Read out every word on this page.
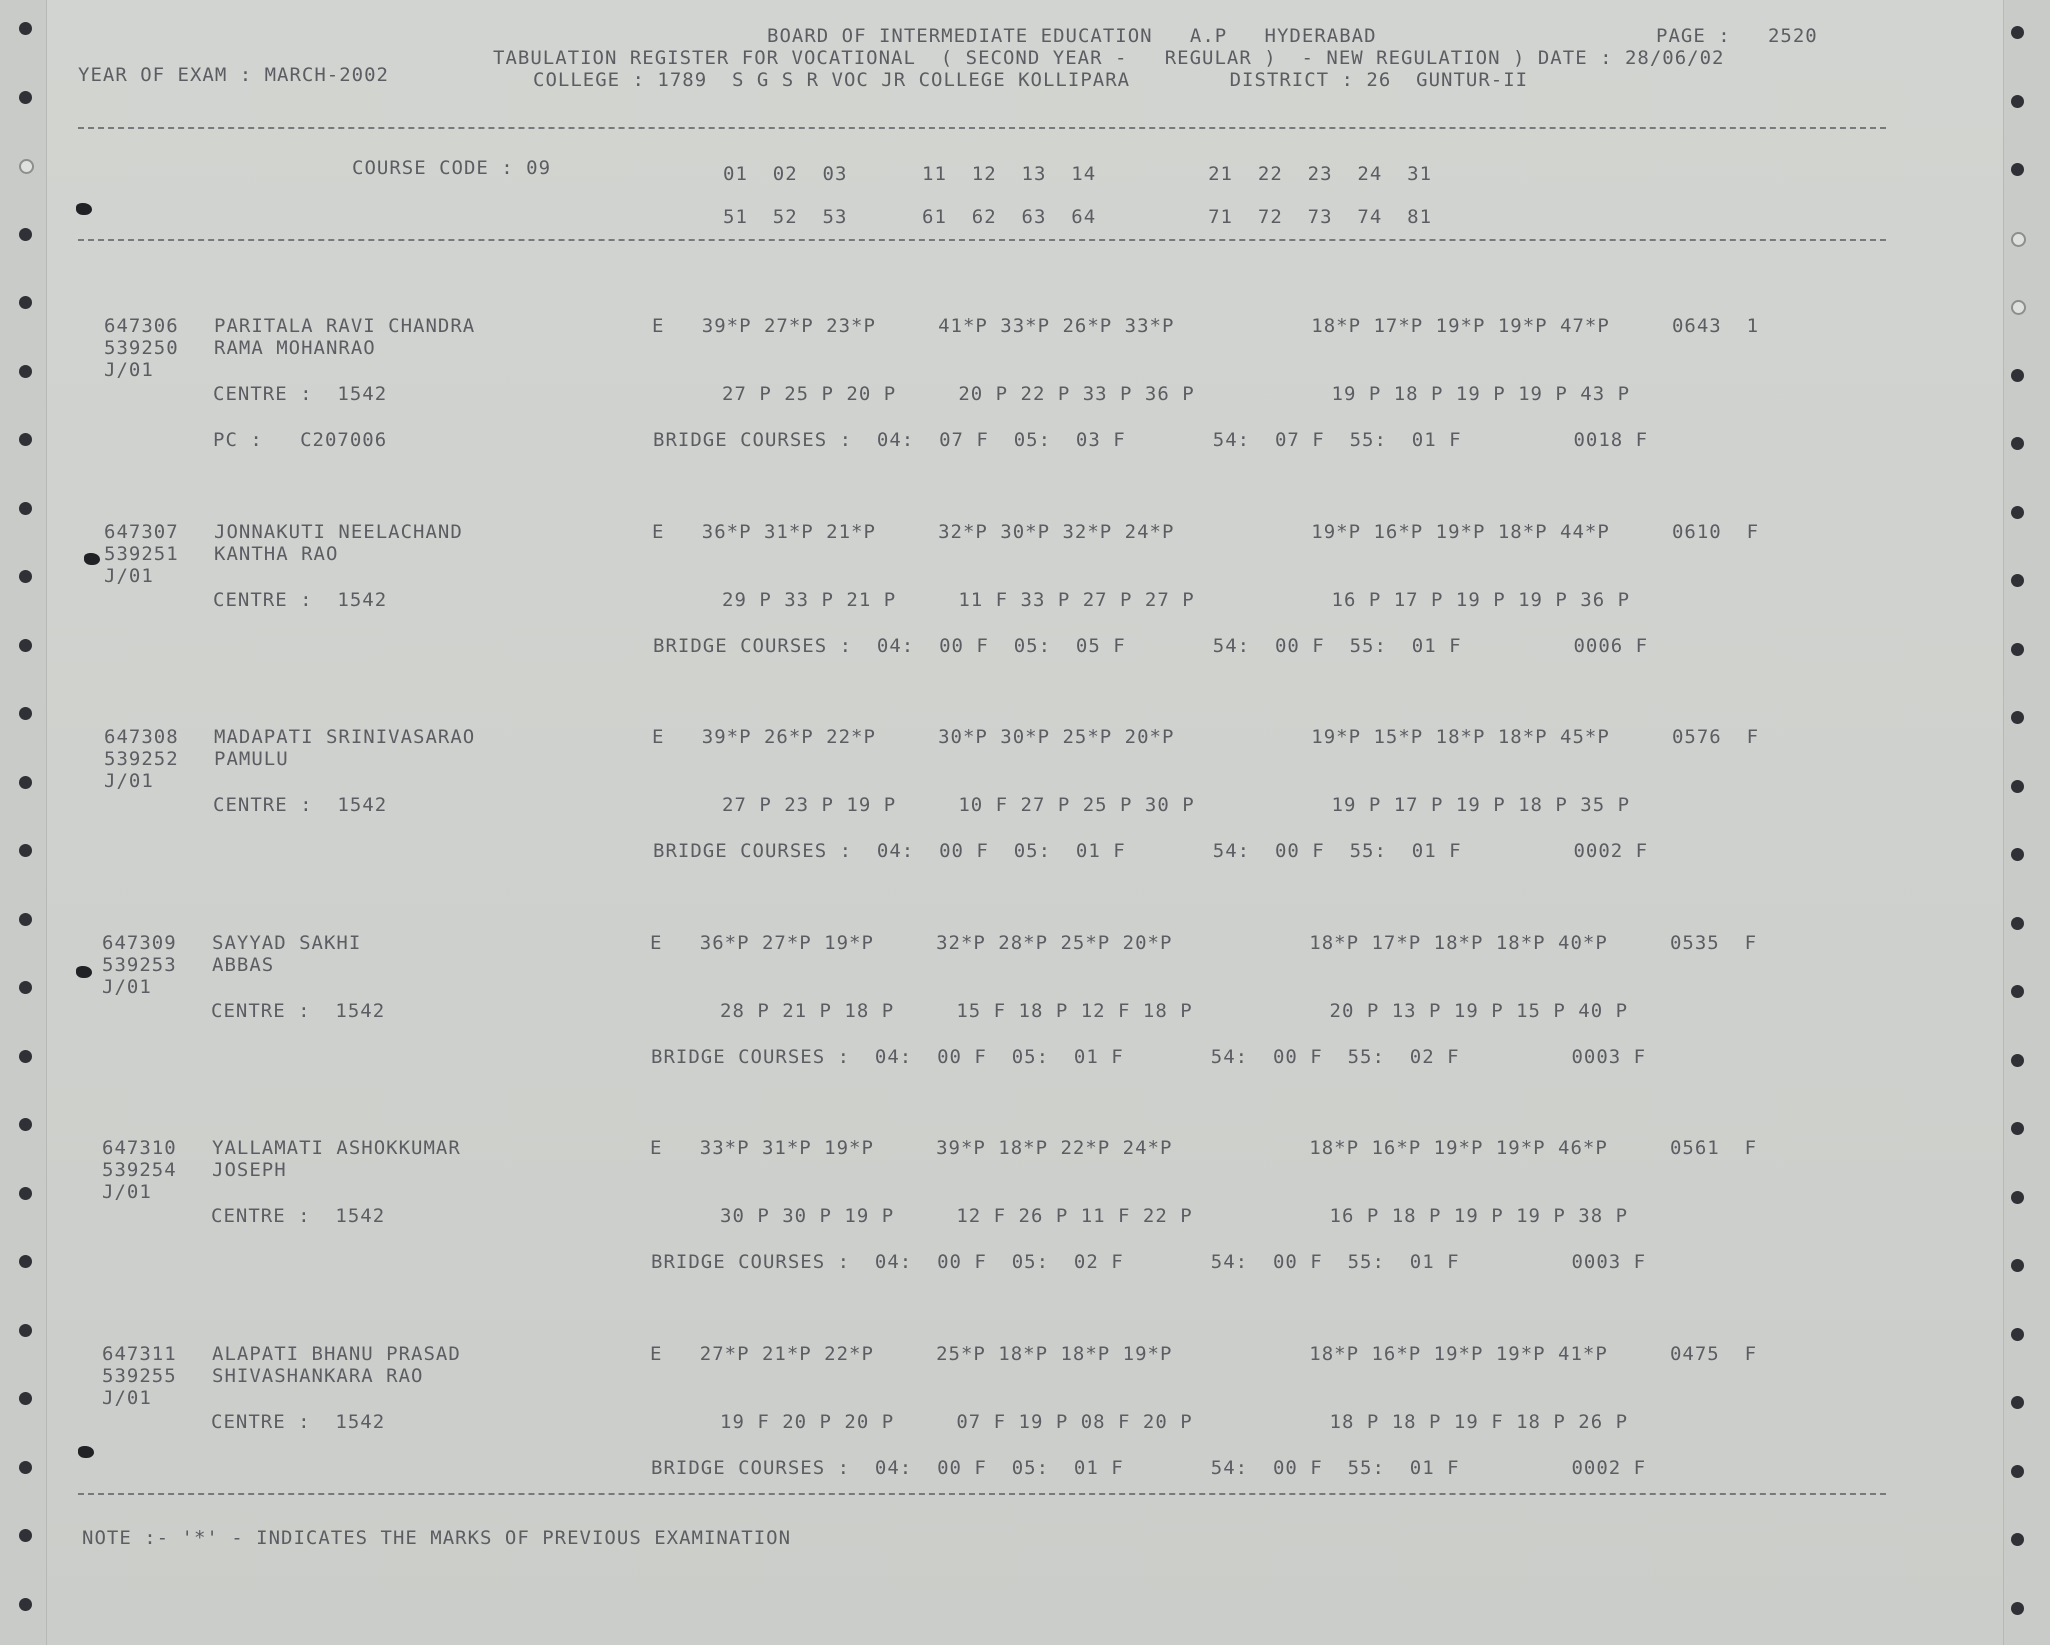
BOARD OF INTERMEDIATE EDUCATION   A.P   HYDERABAD
TABULATION REGISTER FOR VOCATIONAL  ( SECOND YEAR -   REGULAR )  - NEW REGULATION ) DATE : 28/06/02
COLLEGE : 1789  S G S R VOC JR COLLEGE KOLLIPARA        DISTRICT : 26  GUNTUR-II
YEAR OF EXAM : MARCH-2002
PAGE :   2520
COURSE CODE : 09	01  02  03      11  12  13  14         21  22  23  24  31
51  52  53      61  62  63  64         71  72  73  74  81
647306
539250
J/01
PARITALA RAVI CHANDRA
RAMA MOHANRAO
CENTRE :  1542
PC :   C207006
E   39*P 27*P 23*P     41*P 33*P 26*P 33*P           18*P 17*P 19*P 19*P 47*P     0643  1
27 P 25 P 20 P     20 P 22 P 33 P 36 P           19 P 18 P 19 P 19 P 43 P
BRIDGE COURSES :  04:  07 F  05:  03 F       54:  07 F  55:  01 F         0018 F
647307
539251
J/01
JONNAKUTI NEELACHAND
KANTHA RAO
CENTRE :  1542
E   36*P 31*P 21*P     32*P 30*P 32*P 24*P           19*P 16*P 19*P 18*P 44*P     0610  F
29 P 33 P 21 P     11 F 33 P 27 P 27 P           16 P 17 P 19 P 19 P 36 P
BRIDGE COURSES :  04:  00 F  05:  05 F       54:  00 F  55:  01 F         0006 F
647308
539252
J/01
MADAPATI SRINIVASARAO
PAMULU
CENTRE :  1542
E   39*P 26*P 22*P     30*P 30*P 25*P 20*P           19*P 15*P 18*P 18*P 45*P     0576  F
27 P 23 P 19 P     10 F 27 P 25 P 30 P           19 P 17 P 19 P 18 P 35 P
BRIDGE COURSES :  04:  00 F  05:  01 F       54:  00 F  55:  01 F         0002 F
647309
539253
J/01
SAYYAD SAKHI
ABBAS
CENTRE :  1542
E   36*P 27*P 19*P     32*P 28*P 25*P 20*P           18*P 17*P 18*P 18*P 40*P     0535  F
28 P 21 P 18 P     15 F 18 P 12 F 18 P           20 P 13 P 19 P 15 P 40 P
BRIDGE COURSES :  04:  00 F  05:  01 F       54:  00 F  55:  02 F         0003 F
647310
539254
J/01
YALLAMATI ASHOKKUMAR
JOSEPH
CENTRE :  1542
E   33*P 31*P 19*P     39*P 18*P 22*P 24*P           18*P 16*P 19*P 19*P 46*P     0561  F
30 P 30 P 19 P     12 F 26 P 11 F 22 P           16 P 18 P 19 P 19 P 38 P
BRIDGE COURSES :  04:  00 F  05:  02 F       54:  00 F  55:  01 F         0003 F
647311
539255
J/01
ALAPATI BHANU PRASAD
SHIVASHANKARA RAO
CENTRE :  1542
E   27*P 21*P 22*P     25*P 18*P 18*P 19*P           18*P 16*P 19*P 19*P 41*P     0475  F
19 F 20 P 20 P     07 F 19 P 08 F 20 P           18 P 18 P 19 F 18 P 26 P
BRIDGE COURSES :  04:  00 F  05:  01 F       54:  00 F  55:  01 F         0002 F
NOTE :- '*' - INDICATES THE MARKS OF PREVIOUS EXAMINATION
